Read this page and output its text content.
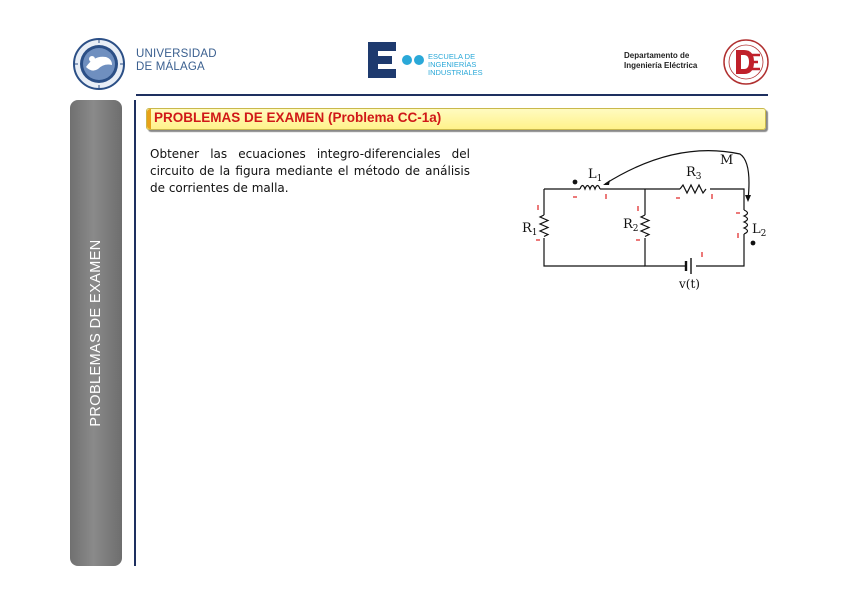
UNIVERSIDAD
DE MÁLAGA
ESCUELA DE
INGENIERÍAS
INDUSTRIALES
Departamento de
Ingeniería Eléctrica
PROBLEMAS DE EXAMEN
PROBLEMAS DE EXAMEN (Problema CC-1a)
Obtener las ecuaciones integro-diferenciales del circuito de la figura mediante el método de análisis de corrientes de malla.
$L_1$	$R_3$
M
$R_1$
$R_2$	$L_2$
v(t)
